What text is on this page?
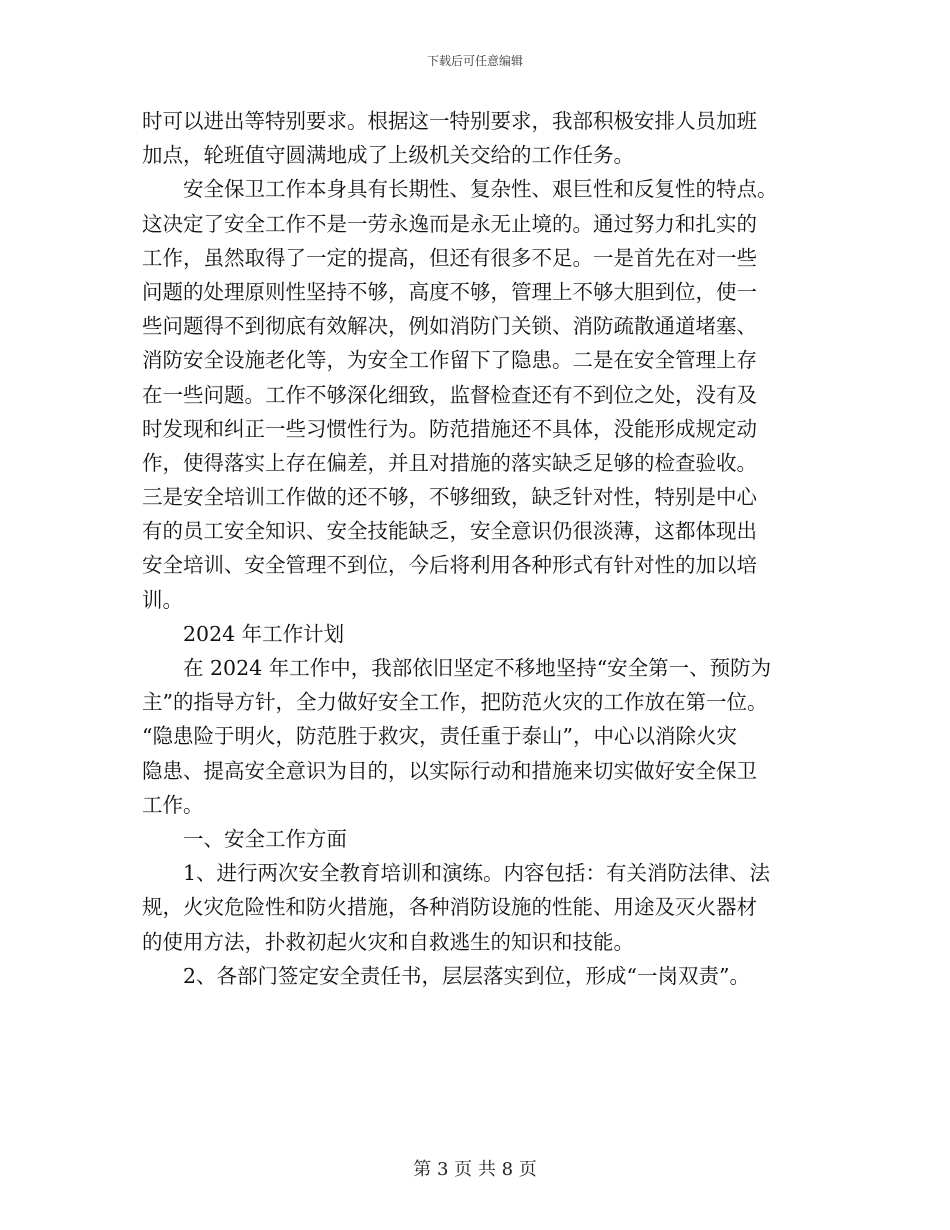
下载后可任意编辑
时可以进出等特别要求。根据这一特别要求，我部积极安排人员加班
加点，轮班值守圆满地成了上级机关交给的工作任务。
　　安全保卫工作本身具有长期性、复杂性、艰巨性和反复性的特点。
这决定了安全工作不是一劳永逸而是永无止境的。通过努力和扎实的
工作，虽然取得了一定的提高，但还有很多不足。一是首先在对一些
问题的处理原则性坚持不够，高度不够，管理上不够大胆到位，使一
些问题得不到彻底有效解决，例如消防门关锁、消防疏散通道堵塞、
消防安全设施老化等，为安全工作留下了隐患。二是在安全管理上存
在一些问题。工作不够深化细致，监督检查还有不到位之处，没有及
时发现和纠正一些习惯性行为。防范措施还不具体，没能形成规定动
作，使得落实上存在偏差，并且对措施的落实缺乏足够的检查验收。
三是安全培训工作做的还不够，不够细致，缺乏针对性，特别是中心
有的员工安全知识、安全技能缺乏，安全意识仍很淡薄，这都体现出
安全培训、安全管理不到位，今后将利用各种形式有针对性的加以培
训。
　　2024 年工作计划
　　在 2024 年工作中，我部依旧坚定不移地坚持“安全第一、预防为
主”的指导方针，全力做好安全工作，把防范火灾的工作放在第一位。
“隐患险于明火，防范胜于救灾，责任重于泰山”，中心以消除火灾
隐患、提高安全意识为目的，以实际行动和措施来切实做好安全保卫
工作。
　　一、安全工作方面
　　1、进行两次安全教育培训和演练。内容包括：有关消防法律、法
规，火灾危险性和防火措施，各种消防设施的性能、用途及灭火器材
的使用方法，扑救初起火灾和自救逃生的知识和技能。
　　2、各部门签定安全责任书，层层落实到位，形成“一岗双责”。
第 3 页 共 8 页
